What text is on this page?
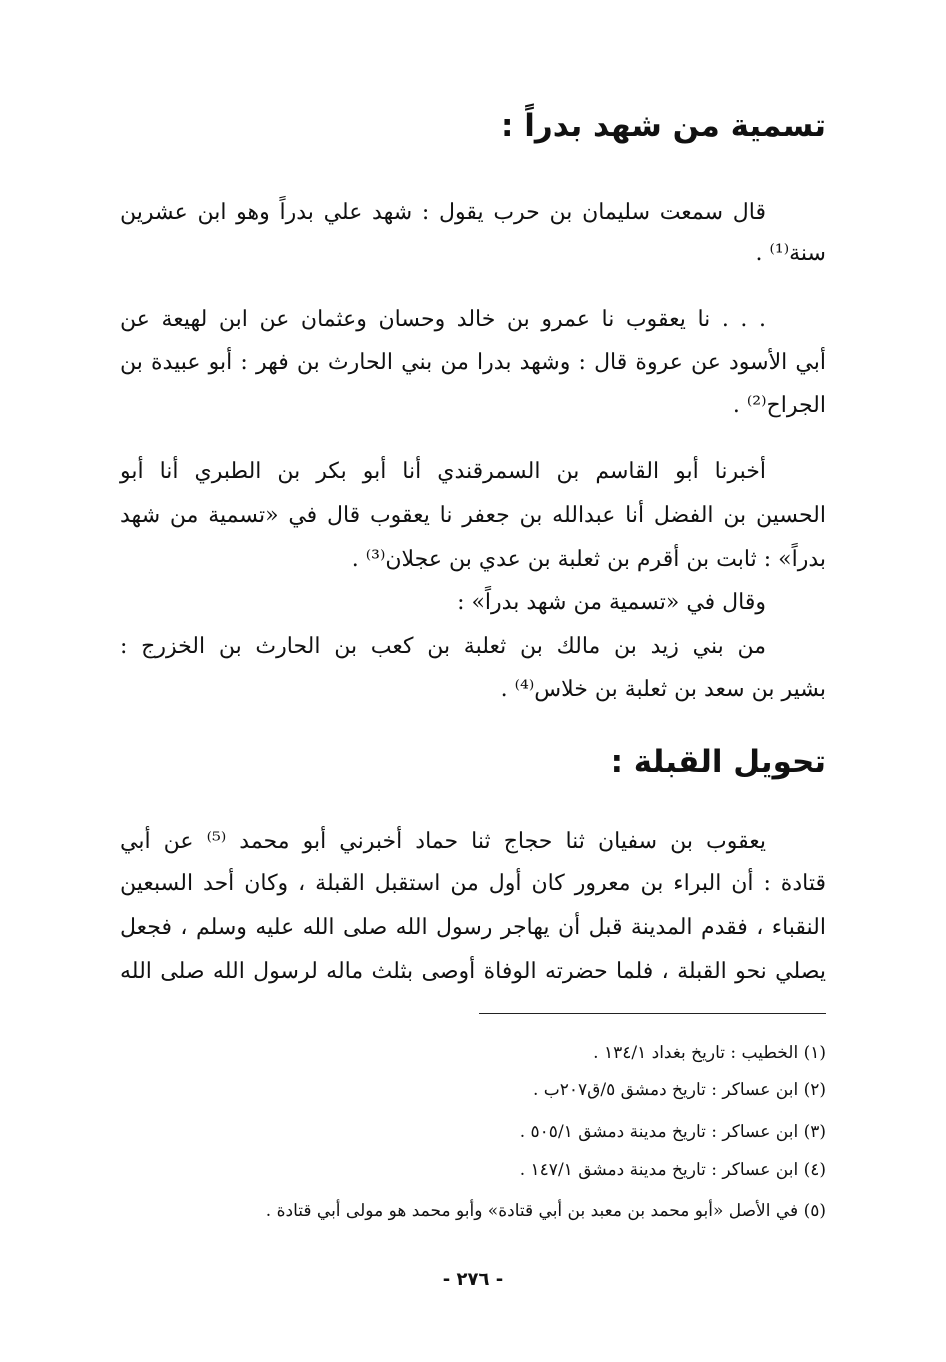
تسمية من شهد بدراً :
قال سمعت سليمان بن حرب يقول : شهد علي بدراً وهو ابن عشرين
سنة⁽¹⁾ .
. . . نا يعقوب نا عمرو بن خالد وحسان وعثمان عن ابن لهيعة عن
أبي الأسود عن عروة قال : وشهد بدرا من بني الحارث بن فهر : أبو عبيدة بن
الجراح⁽²⁾ .
أخبرنا أبو القاسم بن السمرقندي أنا أبو بكر بن الطبري أنا أبو
الحسين بن الفضل أنا عبدالله بن جعفر نا يعقوب قال في «تسمية من شهد
بدراً» : ثابت بن أقرم بن ثعلبة بن عدي بن عجلان⁽³⁾ .
وقال في «تسمية من شهد بدراً» :
من بني زيد بن مالك بن ثعلبة بن كعب بن الحارث بن الخزرج :
بشير بن سعد بن ثعلبة بن خلاس⁽⁴⁾ .
تحويل القبلة :
يعقوب بن سفيان ثنا حجاج ثنا حماد أخبرني أبو محمد ⁽⁵⁾ عن أبي
قتادة : أن البراء بن معرور كان أول من استقبل القبلة ، وكان أحد السبعين
النقباء ، فقدم المدينة قبل أن يهاجر رسول الله صلى الله عليه وسلم ، فجعل
يصلي نحو القبلة ، فلما حضرته الوفاة أوصى بثلث ماله لرسول الله صلى الله
(١) الخطيب : تاريخ بغداد ١٣٤/١ .
(٢) ابن عساكر : تاريخ دمشق ٥/ق٢٠٧ب .
(٣) ابن عساكر : تاريخ مدينة دمشق ٥٠٥/١ .
(٤) ابن عساكر : تاريخ مدينة دمشق ١٤٧/١ .
(٥) في الأصل «أبو محمد بن معبد بن أبي قتادة» وأبو محمد هو مولى أبي قتادة .
- ٢٧٦ -
